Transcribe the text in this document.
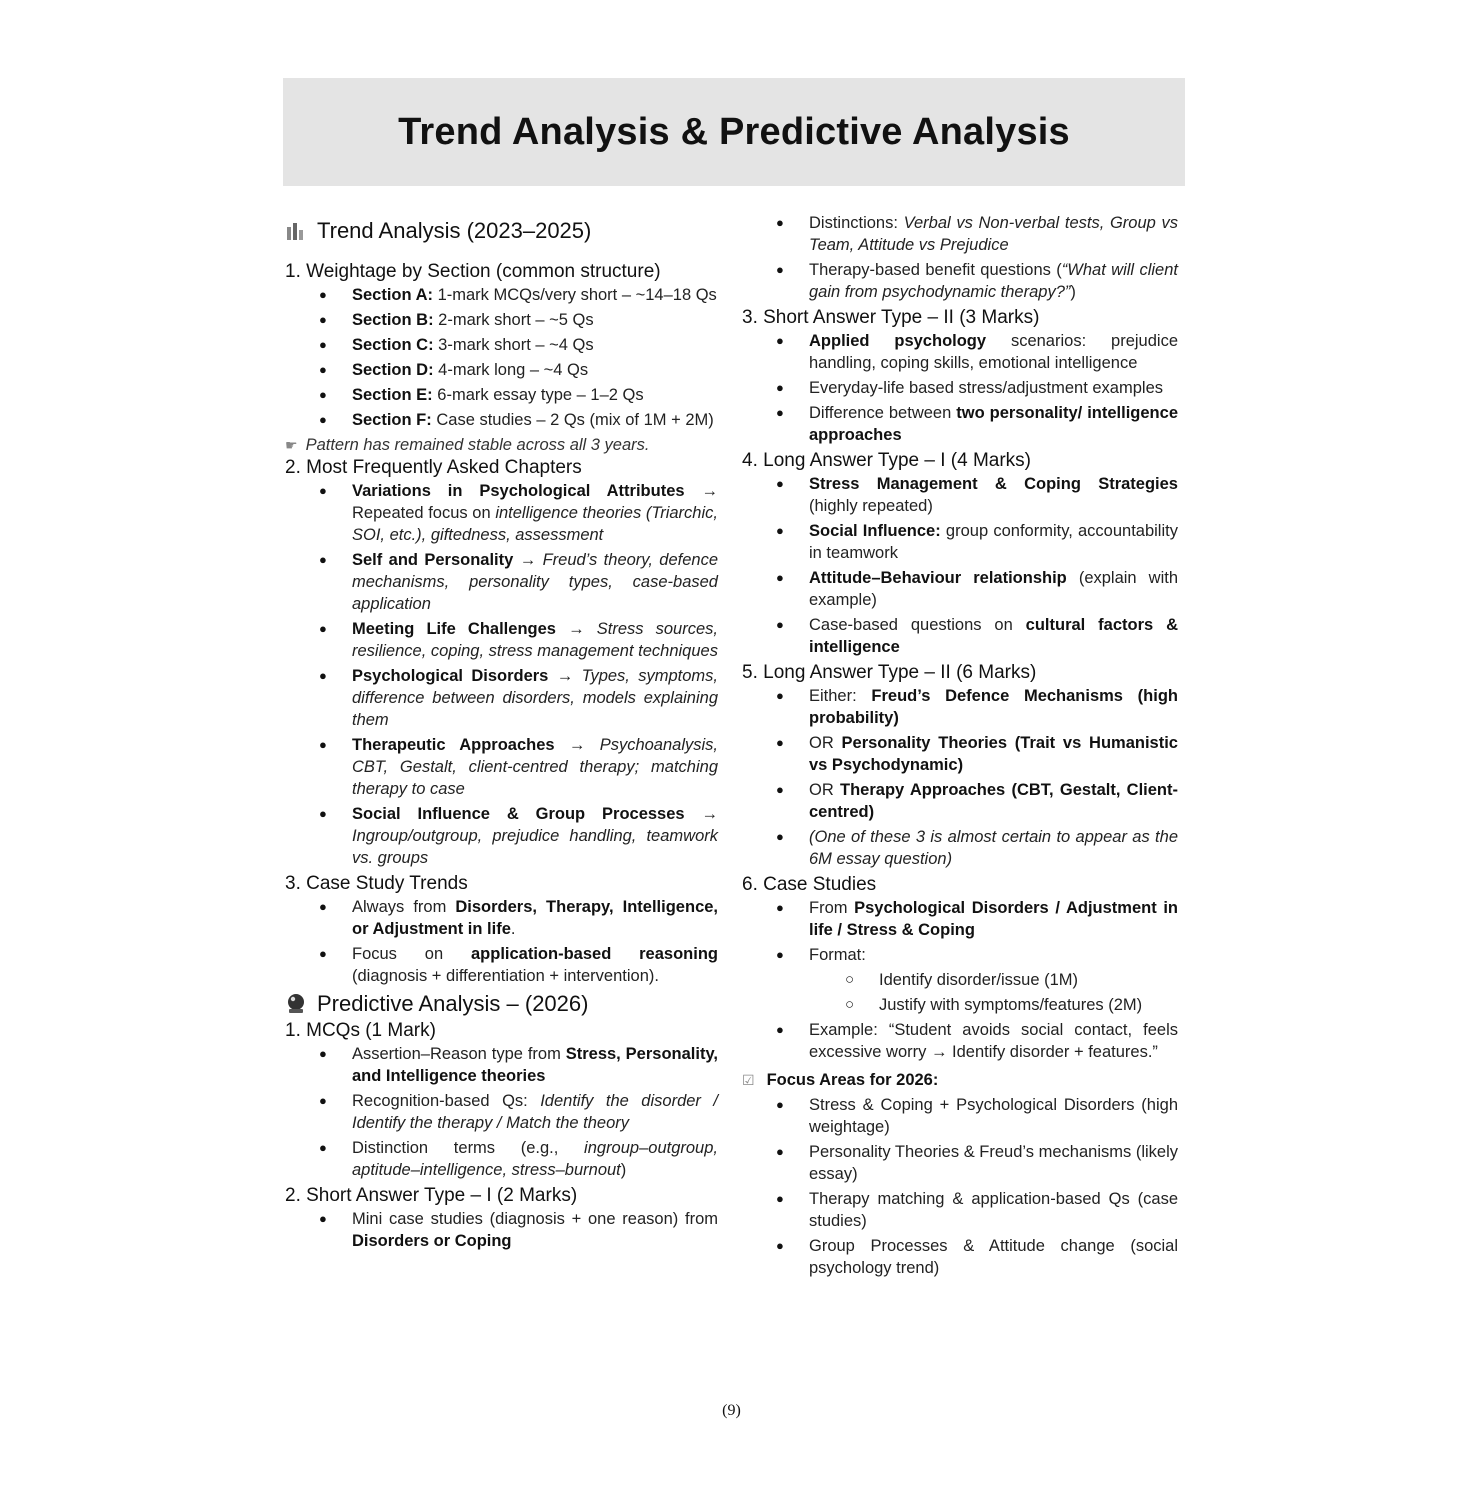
Trend Analysis & Predictive Analysis
Trend Analysis (2023–2025)
1. Weightage by Section (common structure)
● Section A: 1-mark MCQs/very short – ~14–18 Qs
● Section B: 2-mark short – ~5 Qs
● Section C: 3-mark short – ~4 Qs
● Section D: 4-mark long – ~4 Qs
● Section E: 6-mark essay type – 1–2 Qs
● Section F: Case studies – 2 Qs (mix of 1M + 2M)
☛ Pattern has remained stable across all 3 years.
2. Most Frequently Asked Chapters
● Variations in Psychological Attributes → Repeated focus on intelligence theories (Triarchic, SOI, etc.), giftedness, assessment
● Self and Personality → Freud’s theory, defence mechanisms, personality types, case-based application
● Meeting Life Challenges → Stress sources, resilience, coping, stress management techniques
● Psychological Disorders → Types, symptoms, difference between disorders, models explaining them
● Therapeutic Approaches → Psychoanalysis, CBT, Gestalt, client-centred therapy; matching therapy to case
● Social Influence & Group Processes → Ingroup/outgroup, prejudice handling, teamwork vs. groups
3. Case Study Trends
● Always from Disorders, Therapy, Intelligence, or Adjustment in life.
● Focus on application-based reasoning (diagnosis + differentiation + intervention).
Predictive Analysis – (2026)
1. MCQs (1 Mark)
● Assertion–Reason type from Stress, Personality, and Intelligence theories
● Recognition-based Qs: Identify the disorder / Identify the therapy / Match the theory
● Distinction terms (e.g., ingroup–outgroup, aptitude–intelligence, stress–burnout)
2. Short Answer Type – I (2 Marks)
● Mini case studies (diagnosis + one reason) from Disorders or Coping
● Distinctions: Verbal vs Non-verbal tests, Group vs Team, Attitude vs Prejudice
● Therapy-based benefit questions (“What will client gain from psychodynamic therapy?”)
3. Short Answer Type – II (3 Marks)
● Applied psychology scenarios: prejudice handling, coping skills, emotional intelligence
● Everyday-life based stress/adjustment examples
● Difference between two personality/ intelligence approaches
4. Long Answer Type – I (4 Marks)
● Stress Management & Coping Strategies (highly repeated)
● Social Influence: group conformity, accountability in teamwork
● Attitude–Behaviour relationship (explain with example)
● Case-based questions on cultural factors & intelligence
5. Long Answer Type – II (6 Marks)
● Either: Freud’s Defence Mechanisms (high probability)
● OR Personality Theories (Trait vs Humanistic vs Psychodynamic)
● OR Therapy Approaches (CBT, Gestalt, Client-centred)
● (One of these 3 is almost certain to appear as the 6M essay question)
6. Case Studies
● From Psychological Disorders / Adjustment in life / Stress & Coping
● Format:
○ Identify disorder/issue (1M)
○ Justify with symptoms/features (2M)
● Example: “Student avoids social contact, feels excessive worry → Identify disorder + features.”
☑ Focus Areas for 2026:
● Stress & Coping + Psychological Disorders (high weightage)
● Personality Theories & Freud’s mechanisms (likely essay)
● Therapy matching & application-based Qs (case studies)
● Group Processes & Attitude change (social psychology trend)
(9)
